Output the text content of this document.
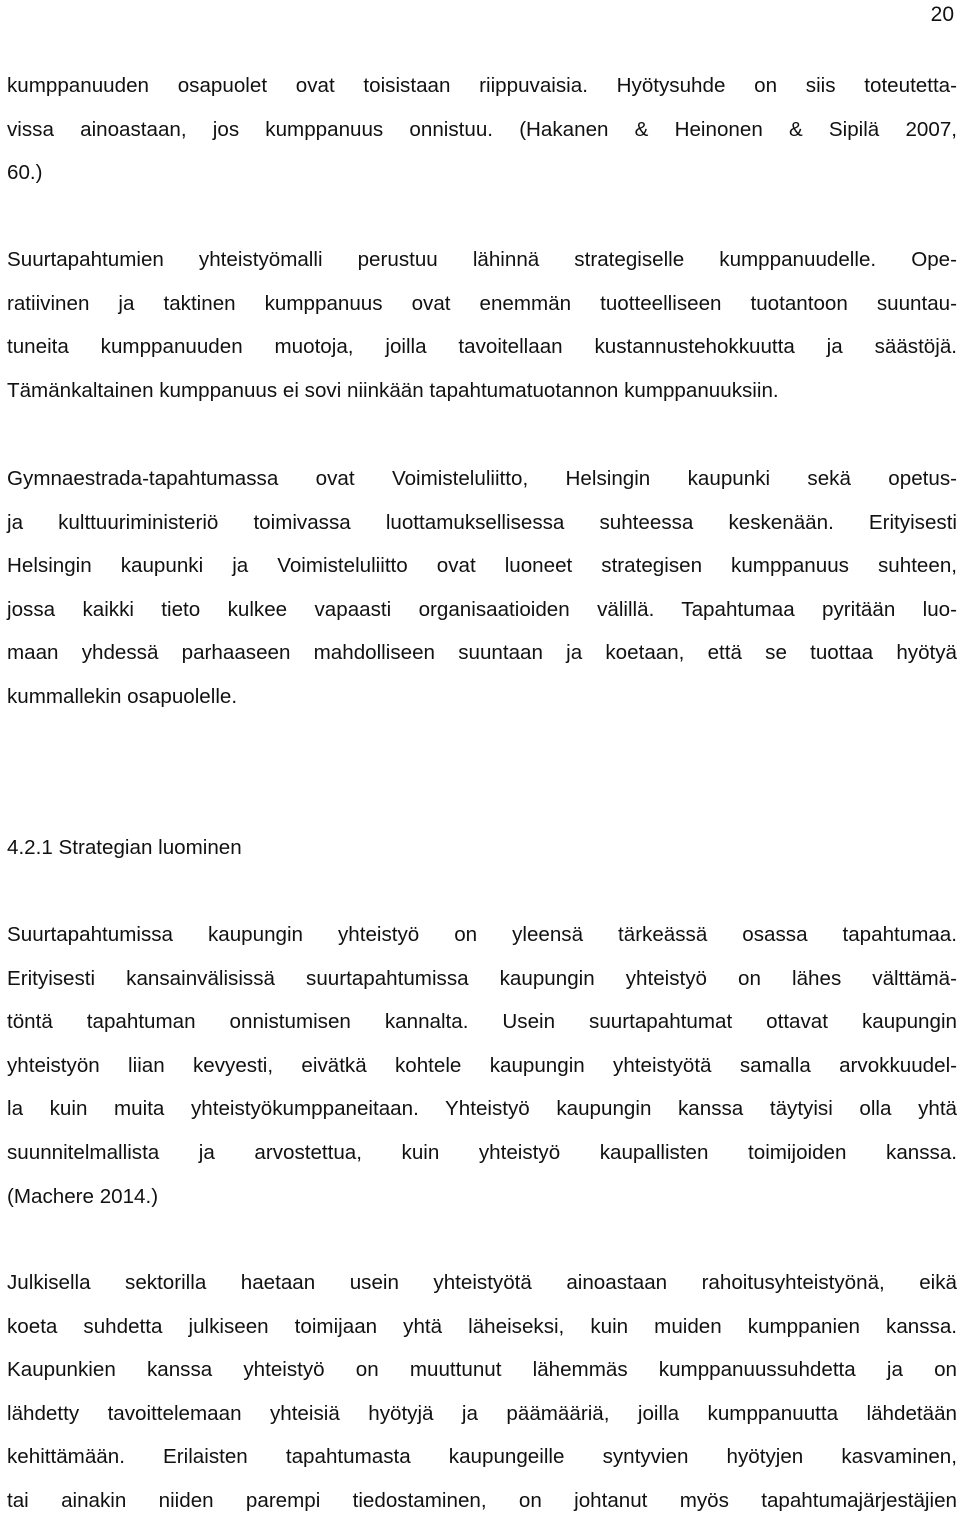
20
kumppanuuden osapuolet ovat toisistaan riippuvaisia. Hyötysuhde on siis toteutetta-
vissa ainoastaan, jos kumppanuus onnistuu. (Hakanen & Heinonen & Sipilä 2007,
60.)
Suurtapahtumien yhteistyömalli perustuu lähinnä strategiselle kumppanuudelle. Ope-
ratiivinen ja taktinen kumppanuus ovat enemmän tuotteelliseen tuotantoon suuntau-
tuneita kumppanuuden muotoja, joilla tavoitellaan kustannustehokkuutta ja säästöjä.
Tämänkaltainen kumppanuus ei sovi niinkään tapahtumatuotannon kumppanuuksiin.
Gymnaestrada-tapahtumassa ovat Voimisteluliitto, Helsingin kaupunki sekä opetus-
ja kulttuuriministeriö toimivassa luottamuksellisessa suhteessa keskenään. Erityisesti
Helsingin kaupunki ja Voimisteluliitto ovat luoneet strategisen kumppanuus suhteen,
jossa kaikki tieto kulkee vapaasti organisaatioiden välillä. Tapahtumaa pyritään luo-
maan yhdessä parhaaseen mahdolliseen suuntaan ja koetaan, että se tuottaa hyötyä
kummallekin osapuolelle.
4.2.1 Strategian luominen
Suurtapahtumissa kaupungin yhteistyö on yleensä tärkeässä osassa tapahtumaa.
Erityisesti kansainvälisissä suurtapahtumissa kaupungin yhteistyö on lähes välttämä-
töntä tapahtuman onnistumisen kannalta. Usein suurtapahtumat ottavat kaupungin
yhteistyön liian kevyesti, eivätkä kohtele kaupungin yhteistyötä samalla arvokkuudel-
la kuin muita yhteistyökumppaneitaan. Yhteistyö kaupungin kanssa täytyisi olla yhtä
suunnitelmallista ja arvostettua, kuin yhteistyö kaupallisten toimijoiden kanssa.
(Machere 2014.)
Julkisella sektorilla haetaan usein yhteistyötä ainoastaan rahoitusyhteistyönä, eikä
koeta suhdetta julkiseen toimijaan yhtä läheiseksi, kuin muiden kumppanien kanssa.
Kaupunkien kanssa yhteistyö on muuttunut lähemmäs kumppanuussuhdetta ja on
lähdetty tavoittelemaan yhteisiä hyötyjä ja päämääriä, joilla kumppanuutta lähdetään
kehittämään. Erilaisten tapahtumasta kaupungeille syntyvien hyötyjen kasvaminen,
tai ainakin niiden parempi tiedostaminen, on johtanut myös tapahtumajärjestäjien
